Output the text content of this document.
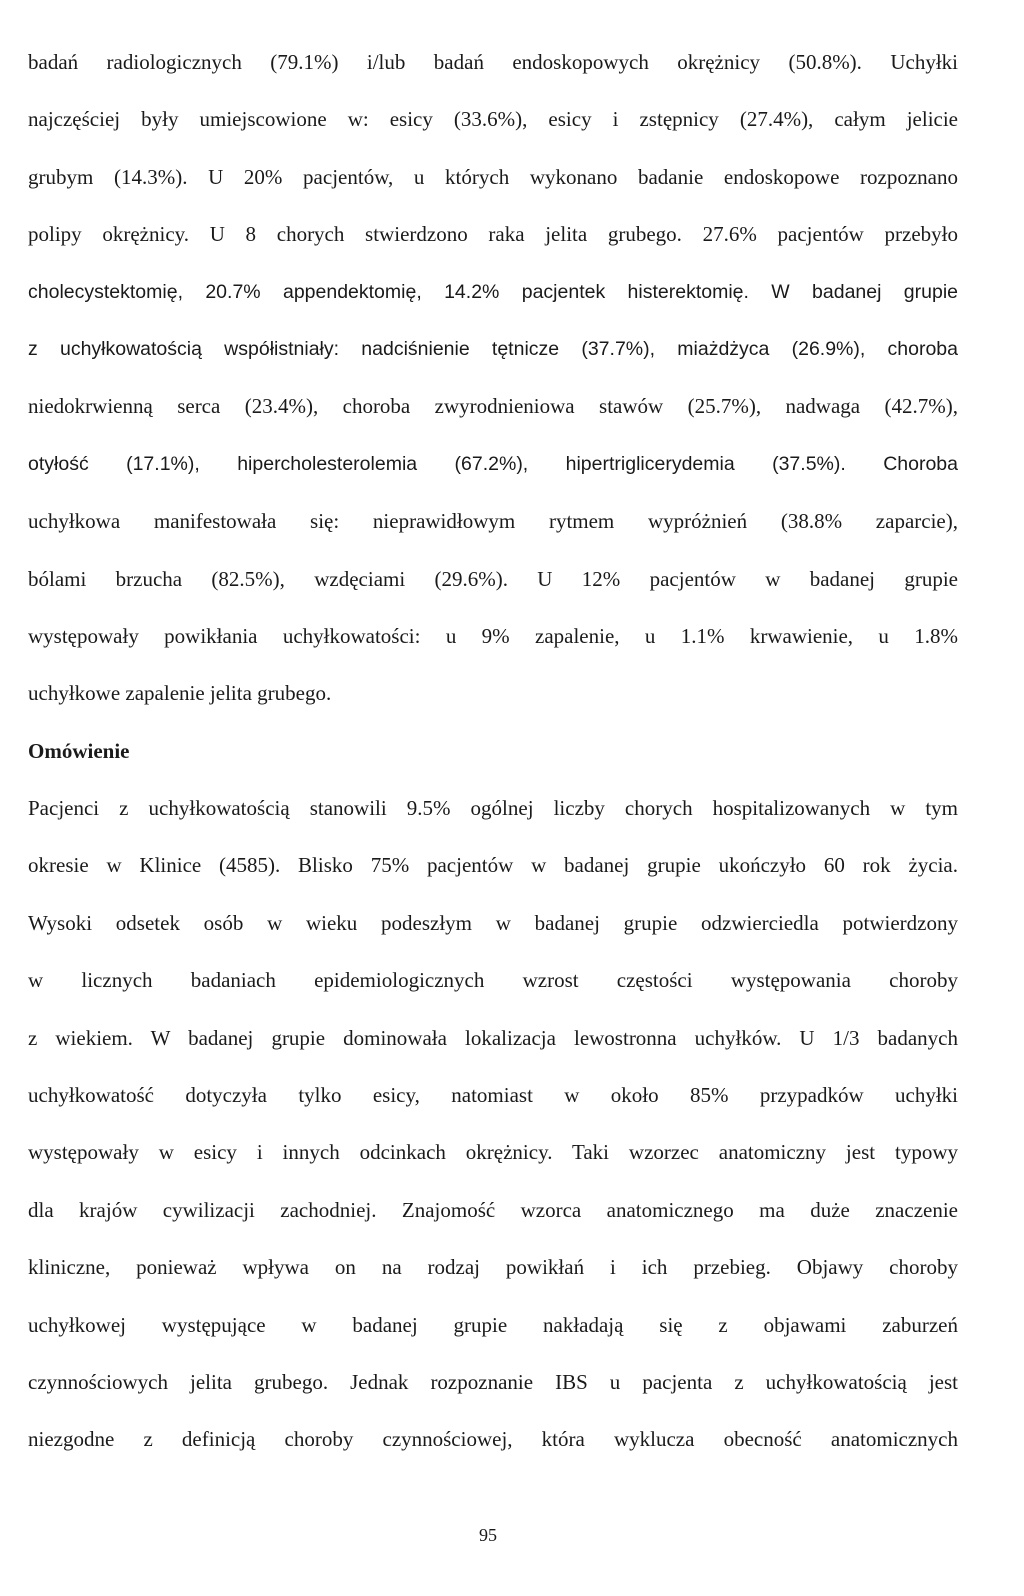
badań radiologicznych (79.1%) i/lub badań endoskopowych okrężnicy (50.8%). Uchyłki
najczęściej były umiejscowione w: esicy (33.6%), esicy i zstępnicy (27.4%), całym jelicie
grubym (14.3%). U 20% pacjentów, u których wykonano badanie endoskopowe rozpoznano
polipy okrężnicy. U 8 chorych stwierdzono raka jelita grubego. 27.6% pacjentów przebyło
cholecystektomię, 20.7% appendektomię, 14.2% pacjentek histerektomię. W badanej grupie
z uchyłkowatością współistniały: nadciśnienie tętnicze (37.7%), miażdżyca (26.9%), choroba
niedokrwienną serca (23.4%), choroba zwyrodnieniowa stawów (25.7%), nadwaga (42.7%),
otyłość (17.1%), hipercholesterolemia (67.2%), hipertriglicerydemia (37.5%). Choroba
uchyłkowa manifestowała się: nieprawidłowym rytmem wypróżnień (38.8% zaparcie),
bólami brzucha (82.5%), wzdęciami (29.6%). U 12% pacjentów w badanej grupie
występowały powikłania uchyłkowatości: u 9% zapalenie, u 1.1% krwawienie, u 1.8%
uchyłkowe zapalenie jelita grubego.
Omówienie
Pacjenci z uchyłkowatością stanowili 9.5% ogólnej liczby chorych hospitalizowanych w tym
okresie w Klinice (4585). Blisko 75% pacjentów w badanej grupie ukończyło 60 rok życia.
Wysoki odsetek osób w wieku podeszłym w badanej grupie odzwierciedla potwierdzony
w licznych badaniach epidemiologicznych wzrost częstości występowania choroby
z wiekiem. W badanej grupie dominowała lokalizacja lewostronna uchyłków. U 1/3 badanych
uchyłkowatość dotyczyła tylko esicy, natomiast w około 85% przypadków uchyłki
występowały w esicy i innych odcinkach okrężnicy. Taki wzorzec anatomiczny jest typowy
dla krajów cywilizacji zachodniej. Znajomość wzorca anatomicznego ma duże znaczenie
kliniczne, ponieważ wpływa on na rodzaj powikłań i ich przebieg. Objawy choroby
uchyłkowej występujące w badanej grupie nakładają się z objawami zaburzeń
czynnościowych jelita grubego. Jednak rozpoznanie IBS u pacjenta z uchyłkowatością jest
niezgodne z definicją choroby czynnościowej, która wyklucza obecność anatomicznych
95
